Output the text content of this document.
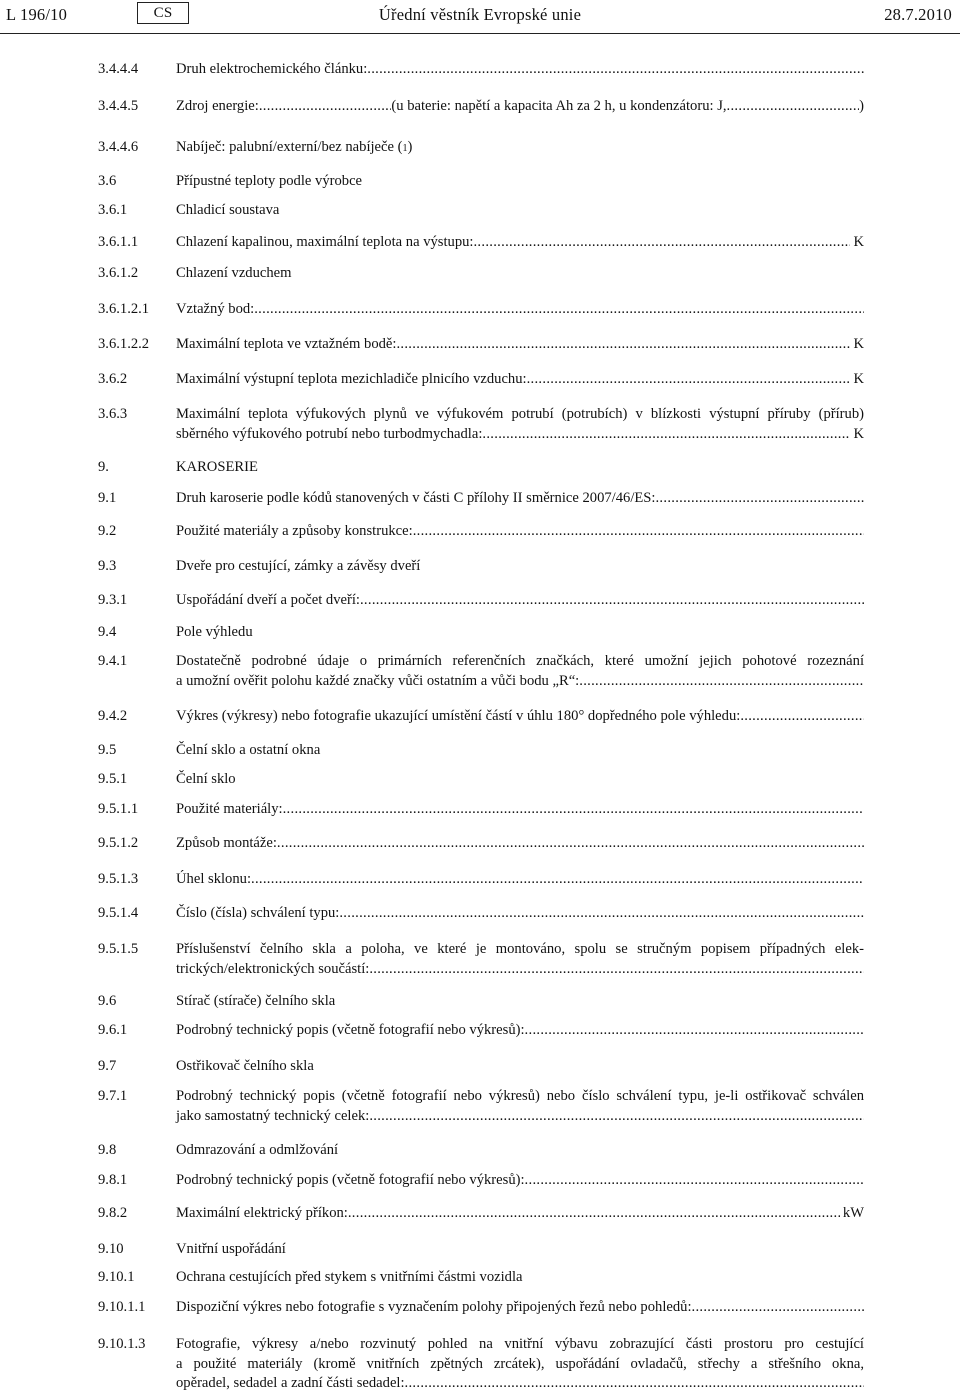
L 196/10	Úřední věstník Evropské unie
CS	28.7.2010
3.4.4.4	Druh elektrochemického článku:
.....
3.4.4.5	Zdroj energie: .....	(u baterie: napětí a kapacita Ah za 2 h, u kondenzátoru: J, .....	)
3.4.4.6	Nabíječ: palubní/externí/bez nabíječe ( 1 )
3.6	Přípustné teploty podle výrobce
3.6.1	Chladicí soustava
3.6.1.1	Chlazení kapalinou, maximální teplota na výstupu: .....	K
3.6.1.2	Chlazení vzduchem
3.6.1.2.1 Vztažný bod:
.....
3.6.1.2.2 Maximální teplota ve vztažném bodě: .....	K
3.6.2	Maximální výstupní teplota mezichladiče plnicího vzduchu: .....	K
3.6.3	Maximální teplota výfukových plynů ve výfukovém potrubí (potrubích) v blízkosti výstupní příruby (přírub)
sběrného výfukového potrubí nebo turbodmychadla: .....	K
9.	KAROSERIE
9.1	Druh karoserie podle kódů stanovených v části C přílohy II směrnice 2007/46/ES:
.....
9.2	Použité materiály a způsoby konstrukce:
.....
9.3	Dveře pro cestující, zámky a závěsy dveří
9.3.1	Uspořádání dveří a počet dveří:
.....
9.4	Pole výhledu
9.4.1	Dostatečně podrobné údaje o primárních referenčních značkách, které umožní jejich pohotové rozeznání
a umožní ověřit polohu každé značky vůči ostatním a vůči bodu „R“:
.....
9.4.2	Výkres (výkresy) nebo fotografie ukazující umístění částí v úhlu 180° dopředného pole výhledu:
.....
9.5	Čelní sklo a ostatní okna
9.5.1	Čelní sklo
9.5.1.1	Použité materiály:
.....
9.5.1.2	Způsob montáže:
.....
9.5.1.3	Úhel sklonu:
.....
9.5.1.4	Číslo (čísla) schválení typu:
.....
9.5.1.5	Příslušenství čelního skla a poloha, ve které je montováno, spolu se stručným popisem případných elek-
trických/elektronických součástí:
.....
9.6	Stírač (stírače) čelního skla
9.6.1	Podrobný technický popis (včetně fotografií nebo výkresů):
.....
9.7	Ostřikovač čelního skla
9.7.1	Podrobný technický popis (včetně fotografií nebo výkresů) nebo číslo schválení typu, je-li ostřikovač schválen
jako samostatný technický celek:
.....
9.8	Odmrazování a odmlžování
9.8.1	Podrobný technický popis (včetně fotografií nebo výkresů):
.....
9.8.2	Maximální elektrický příkon: .....	kW
9.10	Vnitřní uspořádání
9.10.1	Ochrana cestujících před stykem s vnitřními částmi vozidla
9.10.1.1 Dispoziční výkres nebo fotografie s vyznačením polohy připojených řezů nebo pohledů:
.....
9.10.1.3 Fotografie, výkresy a/nebo rozvinutý pohled na vnitřní výbavu zobrazující části prostoru pro cestující
a použité materiály (kromě vnitřních zpětných zrcátek), uspořádání ovladačů, střechy a střešního okna,
opěradel, sedadel a zadní části sedadel:
.....
